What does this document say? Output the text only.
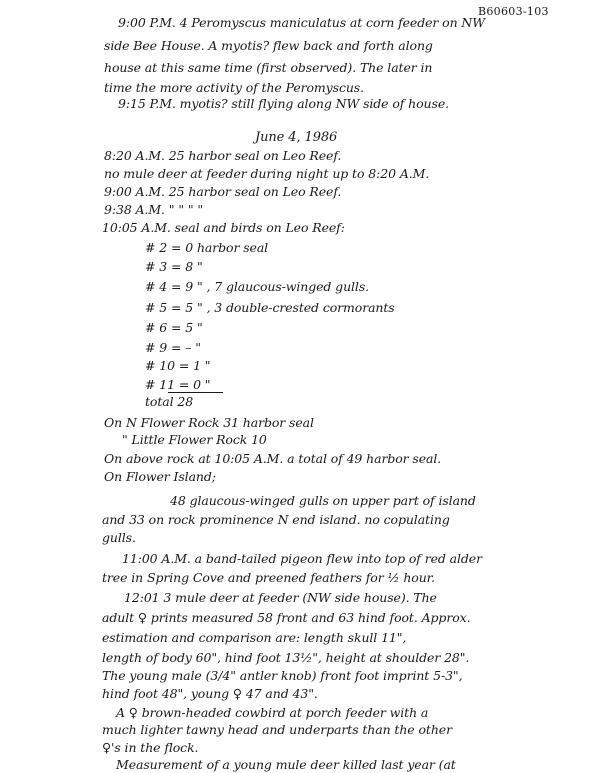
B60603-103
9:00 P.M. 4 Peromyscus maniculatus at corn feeder on NW
side Bee House. A myotis? flew back and forth along
house at this same time (first observed). The later in
time the more activity of the Peromyscus.
9:15 P.M. myotis? still flying along NW side of house.
June 4, 1986
8:20 A.M. 25 harbor seal on Leo Reef.
no mule deer at feeder during night up to 8:20 A.M.
9:00 A.M. 25 harbor seal on Leo Reef.
9:38 A.M. " " " "
10:05 A.M. seal and birds on Leo Reef:
# 2 = 0 harbor seal
# 3 = 8 "
# 4 = 9 " , 7 glaucous-winged gulls.
# 5 = 5 " , 3 double-crested cormorants
# 6 = 5 "
# 9 = – "
# 10 = 1 "
# 11 = 0 "
total 28
On N Flower Rock 31 harbor seal
" Little Flower Rock 10
On above rock at 10:05 A.M. a total of 49 harbor seal.
On Flower Island;
48 glaucous-winged gulls on upper part of island
and 33 on rock prominence N end island. no copulating
gulls.
11:00 A.M. a band-tailed pigeon flew into top of red alder
tree in Spring Cove and preened feathers for ½ hour.
12:01 3 mule deer at feeder (NW side house). The
adult ♀ prints measured 58 front and 63 hind foot. Approx.
estimation and comparison are: length skull 11",
length of body 60", hind foot 13½", height at shoulder 28".
The young male (3/4" antler knob) front foot imprint 5-3",
hind foot 48", young ♀ 47 and 43".
A ♀ brown-headed cowbird at porch feeder with a
much lighter tawny head and underparts than the other
♀'s in the flock.
Measurement of a young mule deer killed last year (at
